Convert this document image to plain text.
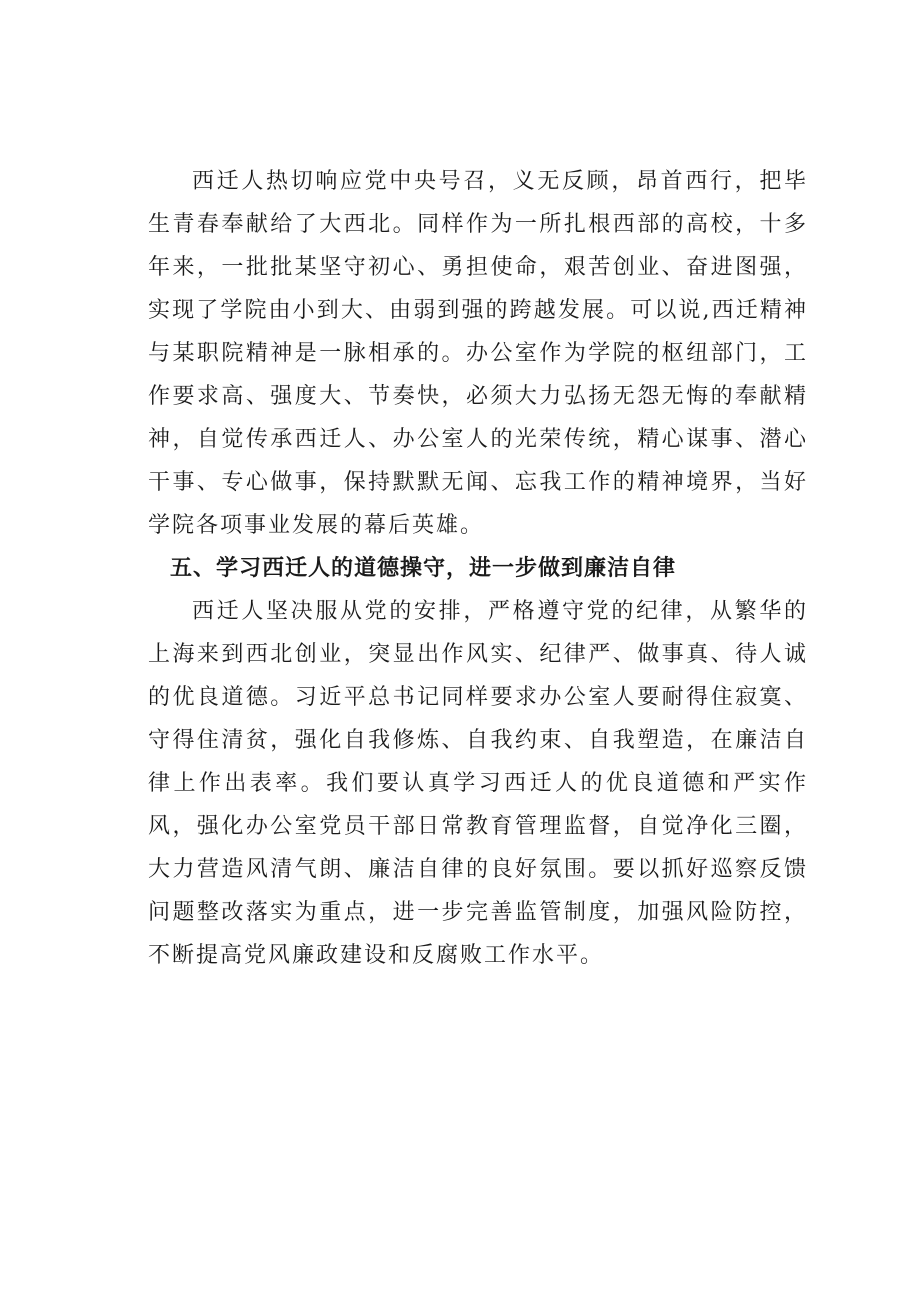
西迁人热切响应党中央号召，义无反顾，昂首西行，把毕生青春奉献给了大西北。同样作为一所扎根西部的高校，十多年来，一批批某坚守初心、勇担使命，艰苦创业、奋进图强，实现了学院由小到大、由弱到强的跨越发展。可以说,西迁精神与某职院精神是一脉相承的。办公室作为学院的枢纽部门，工作要求高、强度大、节奏快，必须大力弘扬无怨无悔的奉献精神，自觉传承西迁人、办公室人的光荣传统，精心谋事、潜心干事、专心做事，保持默默无闻、忘我工作的精神境界，当好学院各项事业发展的幕后英雄。

五、学习西迁人的道德操守，进一步做到廉洁自律

西迁人坚决服从党的安排，严格遵守党的纪律，从繁华的上海来到西北创业，突显出作风实、纪律严、做事真、待人诚的优良道德。习近平总书记同样要求办公室人要耐得住寂寞、守得住清贫，强化自我修炼、自我约束、自我塑造，在廉洁自律上作出表率。我们要认真学习西迁人的优良道德和严实作风，强化办公室党员干部日常教育管理监督，自觉净化三圈，大力营造风清气朗、廉洁自律的良好氛围。要以抓好巡察反馈问题整改落实为重点，进一步完善监管制度，加强风险防控，不断提高党风廉政建设和反腐败工作水平。
